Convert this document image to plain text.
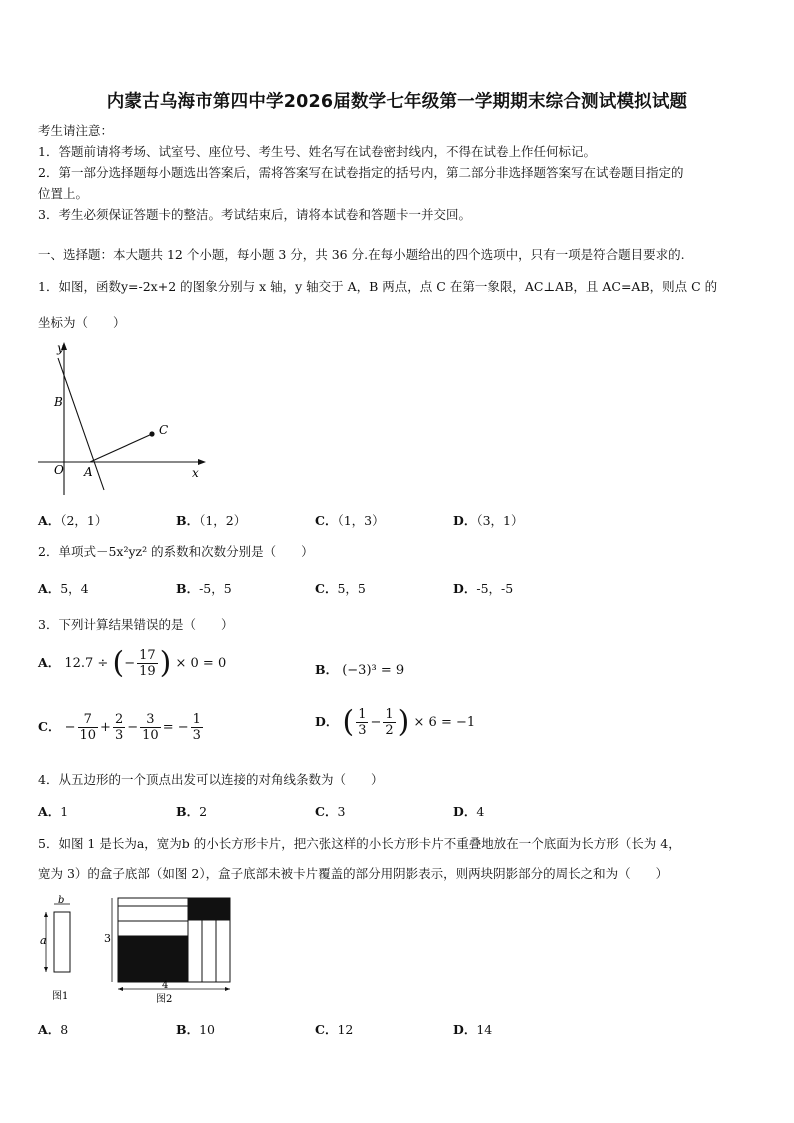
内蒙古乌海市第四中学2026届数学七年级第一学期期末综合测试模拟试题
考生请注意：
1．答题前请将考场、试室号、座位号、考生号、姓名写在试卷密封线内，不得在试卷上作任何标记。
2．第一部分选择题每小题选出答案后，需将答案写在试卷指定的括号内，第二部分非选择题答案写在试卷题目指定的
位置上。
3．考生必须保证答题卡的整洁。考试结束后，请将本试卷和答题卡一并交回。
一、选择题：本大题共 12 个小题，每小题 3 分，共 36 分.在每小题给出的四个选项中，只有一项是符合题目要求的.
1．如图，函数y=-2x+2 的图象分别与 x 轴，y 轴交于 A，B 两点，点 C 在第一象限，AC⊥AB，且 AC=AB，则点 C 的
坐标为（　　）
y
x
O A
B
C
A．（2，1）	B．（1，2）	C．（1，3）	D．（3，1）
2．单项式－5x²yz² 的系数和次数分别是（　　）
A．5，4	B．-5，5	C．5，5	D．-5，-5
3．下列计算结果错误的是（　　）
A． 12.7 ÷ (− $\frac{17}{19}$ ) × 0 = 0	B． (−3)³ = 9
C． − $\frac{7}{10} + \frac{2}{3} - \frac{3}{10}$ = − $\frac{1}{3}$	D． ( $\frac{1}{3} - \frac{1}{2}$ ) × 6 = −1
4．从五边形的一个顶点出发可以连接的对角线条数为（　　）
A．1	B．2	C．3	D．4
5．如图 1 是长为a，宽为b 的小长方形卡片，把六张这样的小长方形卡片不重叠地放在一个底面为长方形（长为 4，
宽为 3）的盒子底部（如图 2），盒子底部未被卡片覆盖的部分用阴影表示，则两块阴影部分的周长之和为（　　）
b
a
图1
3
4
图2
A．8	B．10	C．12	D．14
